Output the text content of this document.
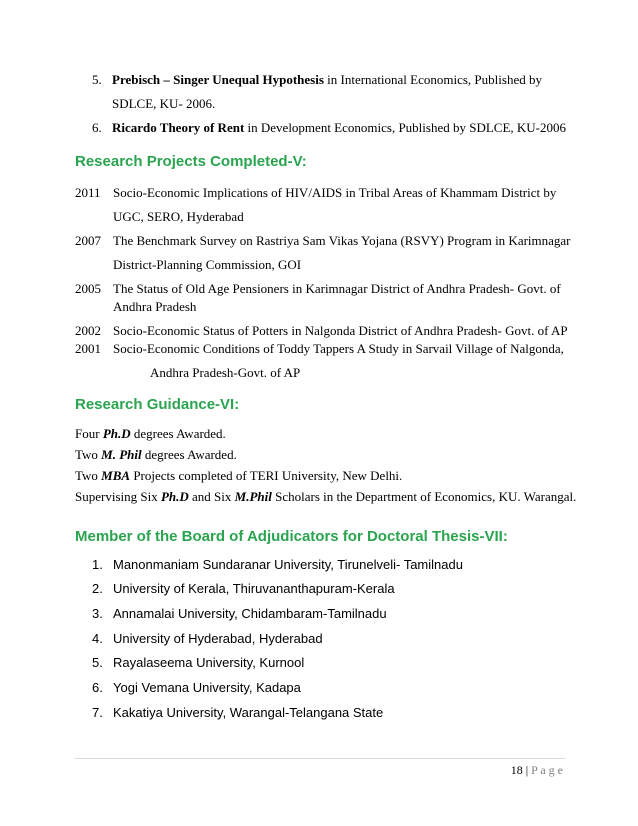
5. Prebisch – Singer Unequal Hypothesis in International Economics, Published by
SDLCE, KU- 2006.
6. Ricardo Theory of Rent in Development Economics, Published by SDLCE, KU-2006
Research Projects Completed-V:
2011 Socio-Economic Implications of HIV/AIDS in Tribal Areas of Khammam District by
UGC, SERO, Hyderabad
2007 The Benchmark Survey on Rastriya Sam Vikas Yojana (RSVY) Program in Karimnagar
District-Planning Commission, GOI
2005 The Status of Old Age Pensioners in Karimnagar District of Andhra Pradesh- Govt. of
Andhra Pradesh
2002 Socio-Economic Status of Potters in Nalgonda District of Andhra Pradesh- Govt. of AP
2001 Socio-Economic Conditions of Toddy Tappers A Study in Sarvail Village of Nalgonda,
Andhra Pradesh-Govt. of AP
Research Guidance-VI:
Four Ph.D degrees Awarded.
Two M. Phil degrees Awarded.
Two MBA Projects completed of TERI University, New Delhi.
Supervising Six Ph.D and Six M.Phil Scholars in the Department of Economics, KU. Warangal.
Member of the Board of Adjudicators for Doctoral Thesis-VII:
1. Manonmaniam Sundaranar University, Tirunelveli- Tamilnadu
2. University of Kerala, Thiruvananthapuram-Kerala
3. Annamalai University, Chidambaram-Tamilnadu
4. University of Hyderabad, Hyderabad
5. Rayalaseema University, Kurnool
6. Yogi Vemana University, Kadapa
7. Kakatiya University, Warangal-Telangana State
18 | P a g e
